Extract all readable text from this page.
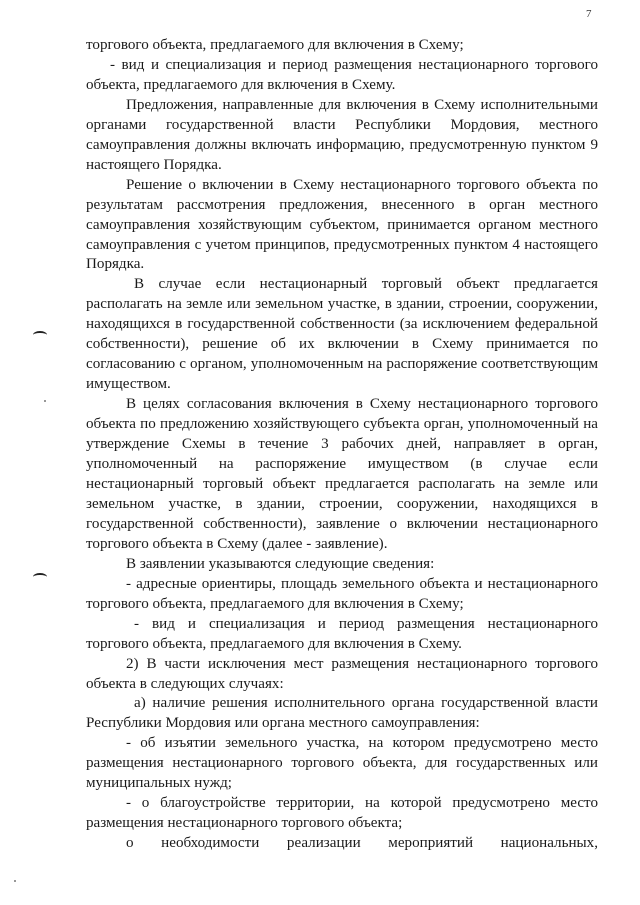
7

торгового объекта, предлагаемого для включения в Схему;

- вид и специализация и период размещения нестационарного торгового объекта, предлагаемого для включения в Схему.

Предложения, направленные для включения в Схему исполнительными органами государственной власти Республики Мордовия, местного самоуправления должны включать информацию, предусмотренную пунктом 9 настоящего Порядка.

Решение о включении в Схему нестационарного торгового объекта по результатам рассмотрения предложения, внесенного в орган местного самоуправления хозяйствующим субъектом, принимается органом местного самоуправления с учетом принципов, предусмотренных пунктом 4 настоящего Порядка.

В случае если нестационарный торговый объект предлагается располагать на земле или земельном участке, в здании, строении, сооружении, находящихся в государственной собственности (за исключением федеральной собственности), решение об их включении в Схему принимается по согласованию с органом, уполномоченным на распоряжение соответствующим имуществом.

В целях согласования включения в Схему нестационарного торгового объекта по предложению хозяйствующего субъекта орган, уполномоченный на утверждение Схемы в течение 3 рабочих дней, направляет в орган, уполномоченный на распоряжение имуществом (в случае если нестационарный торговый объект предлагается располагать на земле или земельном участке, в здании, строении, сооружении, находящихся в государственной собственности), заявление о включении нестационарного торгового объекта в Схему (далее - заявление).

В заявлении указываются следующие сведения:

- адресные ориентиры, площадь земельного объекта и нестационарного торгового объекта, предлагаемого для включения в Схему;

- вид и специализация и период размещения нестационарного торгового объекта, предлагаемого для включения в Схему.

2) В части исключения мест размещения нестационарного торгового объекта в следующих случаях:

а) наличие решения исполнительного органа государственной власти Республики Мордовия или органа местного самоуправления:

- об изъятии земельного участка, на котором предусмотрено место размещения нестационарного торгового объекта, для государственных или муниципальных нужд;

- о благоустройстве территории, на которой предусмотрено место размещения нестационарного торгового объекта;

о необходимости реализации мероприятий национальных,
